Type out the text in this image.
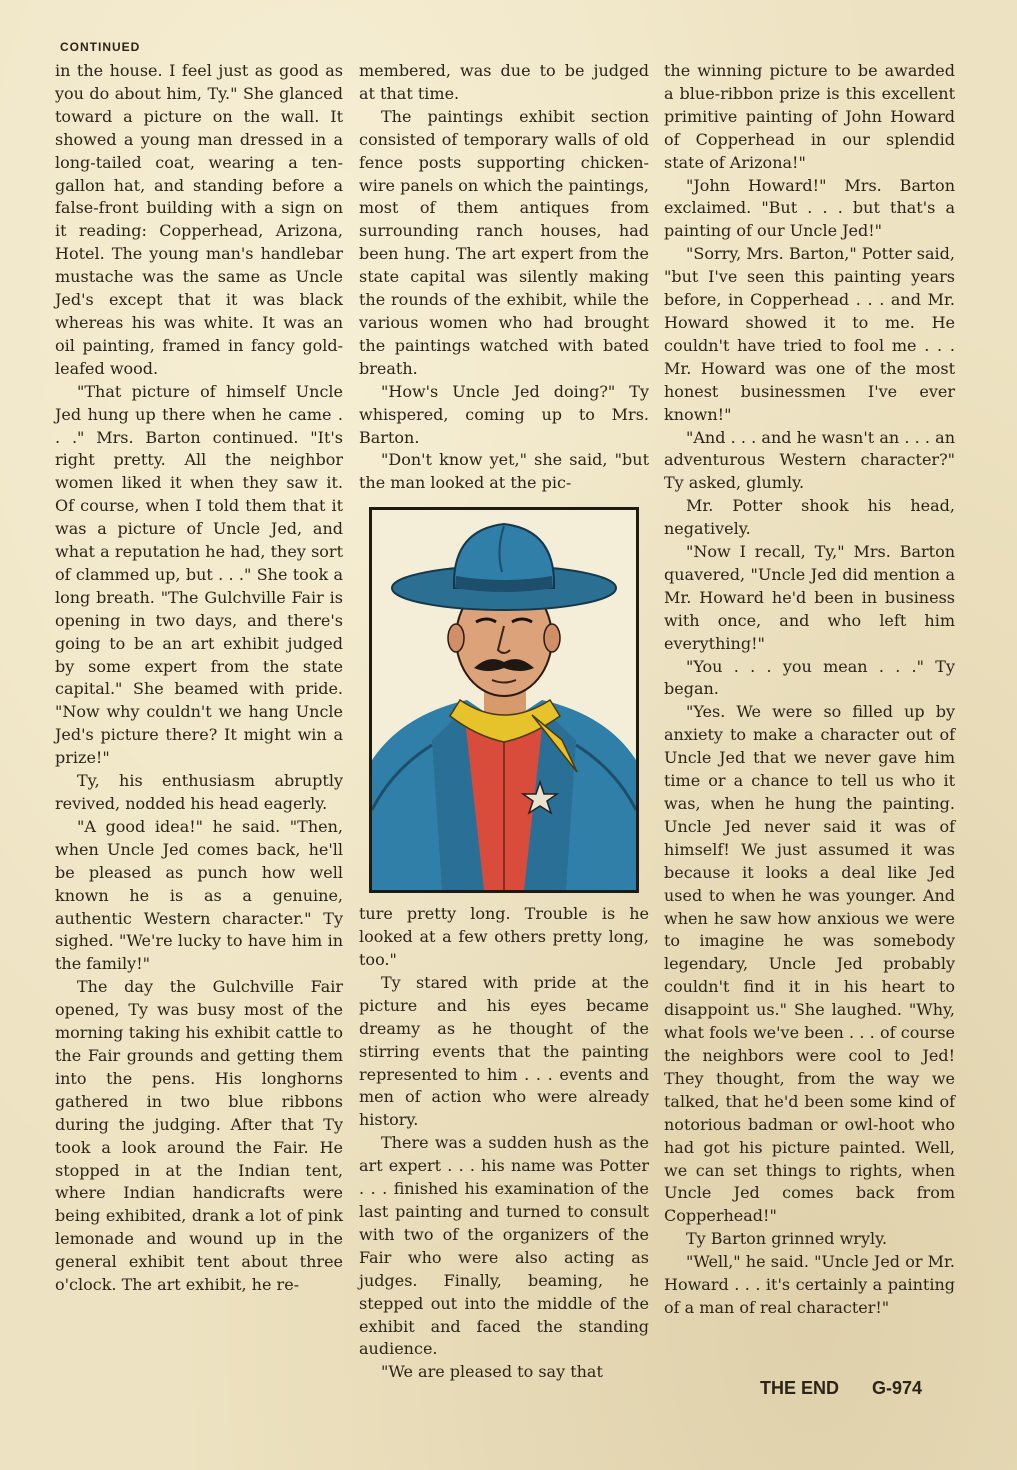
CONTINUED

in the house. I feel just as good as you do about him, Ty." She glanced toward a picture on the wall. It showed a young man dressed in a long-tailed coat, wearing a ten-gallon hat, and standing before a false-front building with a sign on it reading: Copperhead, Arizona, Hotel. The young man's handlebar mustache was the same as Uncle Jed's except that it was black whereas his was white. It was an oil painting, framed in fancy gold-leafed wood.

"That picture of himself Uncle Jed hung up there when he came . . ." Mrs. Barton continued. "It's right pretty. All the neighbor women liked it when they saw it. Of course, when I told them that it was a picture of Uncle Jed, and what a reputation he had, they sort of clammed up, but . . ." She took a long breath. "The Gulchville Fair is opening in two days, and there's going to be an art exhibit judged by some expert from the state capital." She beamed with pride. "Now why couldn't we hang Uncle Jed's picture there? It might win a prize!"

Ty, his enthusiasm abruptly revived, nodded his head eagerly.

"A good idea!" he said. "Then, when Uncle Jed comes back, he'll be pleased as punch how well known he is as a genuine, authentic Western character." Ty sighed. "We're lucky to have him in the family!"

The day the Gulchville Fair opened, Ty was busy most of the morning taking his exhibit cattle to the Fair grounds and getting them into the pens. His longhorns gathered in two blue ribbons during the judging. After that Ty took a look around the Fair. He stopped in at the Indian tent, where Indian handicrafts were being exhibited, drank a lot of pink lemonade and wound up in the general exhibit tent about three o'clock. The art exhibit, he re-

membered, was due to be judged at that time.

The paintings exhibit section consisted of temporary walls of old fence posts supporting chicken-wire panels on which the paintings, most of them antiques from surrounding ranch houses, had been hung. The art expert from the state capital was silently making the rounds of the exhibit, while the various women who had brought the paintings watched with bated breath.

"How's Uncle Jed doing?" Ty whispered, coming up to Mrs. Barton.

"Don't know yet," she said, "but the man looked at the pic-

ture pretty long. Trouble is he looked at a few others pretty long, too."

Ty stared with pride at the picture and his eyes became dreamy as he thought of the stirring events that the painting represented to him . . . events and men of action who were already history.

There was a sudden hush as the art expert . . . his name was Potter . . . finished his examination of the last painting and turned to consult with two of the organizers of the Fair who were also acting as judges. Finally, beaming, he stepped out into the middle of the exhibit and faced the standing audience.

"We are pleased to say that

the winning picture to be awarded a blue-ribbon prize is this excellent primitive painting of John Howard of Copperhead in our splendid state of Arizona!"

"John Howard!" Mrs. Barton exclaimed. "But . . . but that's a painting of our Uncle Jed!"

"Sorry, Mrs. Barton," Potter said, "but I've seen this painting years before, in Copperhead . . . and Mr. Howard showed it to me. He couldn't have tried to fool me . . . Mr. Howard was one of the most honest businessmen I've ever known!"

"And . . . and he wasn't an . . . an adventurous Western character?" Ty asked, glumly.

Mr. Potter shook his head, negatively.

"Now I recall, Ty," Mrs. Barton quavered, "Uncle Jed did mention a Mr. Howard he'd been in business with once, and who left him everything!"

"You . . . you mean . . ." Ty began.

"Yes. We were so filled up by anxiety to make a character out of Uncle Jed that we never gave him time or a chance to tell us who it was, when he hung the painting. Uncle Jed never said it was of himself! We just assumed it was because it looks a deal like Jed used to when he was younger. And when he saw how anxious we were to imagine he was somebody legendary, Uncle Jed probably couldn't find it in his heart to disappoint us." She laughed. "Why, what fools we've been . . . of course the neighbors were cool to Jed! They thought, from the way we talked, that he'd been some kind of notorious badman or owl-hoot who had got his picture painted. Well, we can set things to rights, when Uncle Jed comes back from Copperhead!"

Ty Barton grinned wryly.

"Well," he said. "Uncle Jed or Mr. Howard . . . it's certainly a painting of a man of real character!"

THE END G-974
